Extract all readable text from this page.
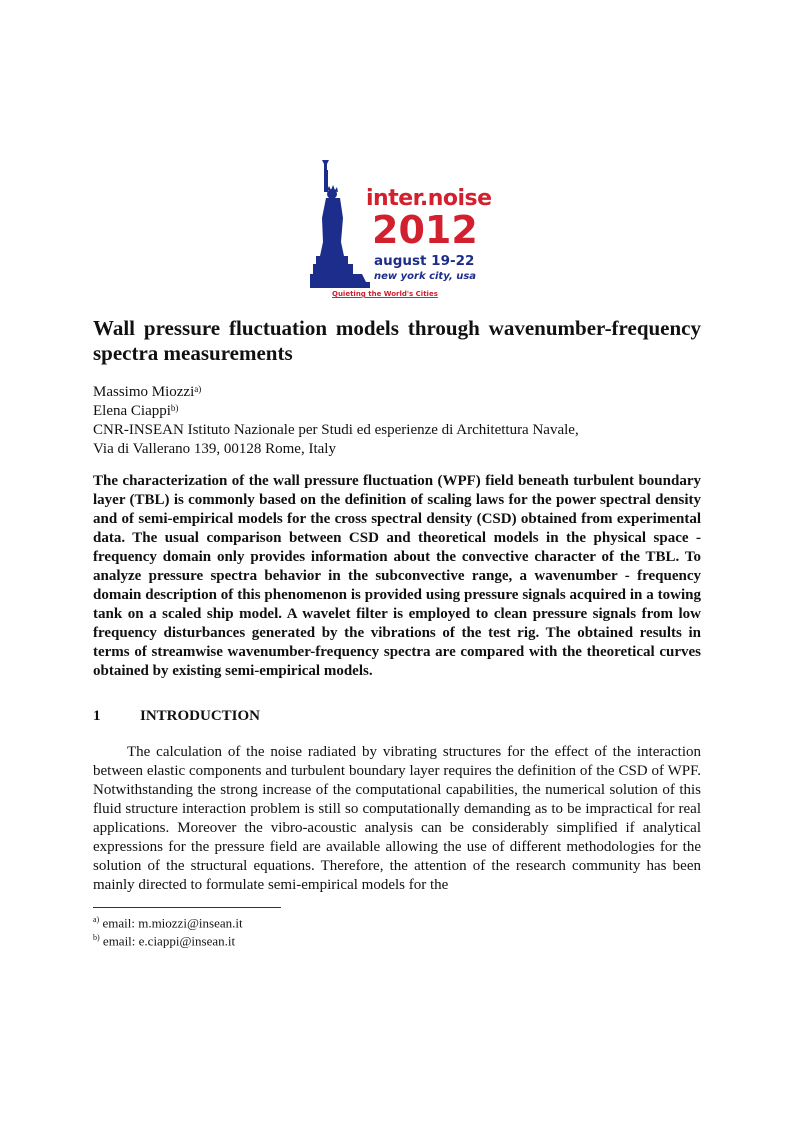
inter.noise
2012
august 19-22
new york city, usa
Quieting the World's Cities
Wall pressure fluctuation models through wavenumber-frequency spectra measurements
Massimo Miozzi$^{a)}$
Elena Ciappi$^{b)}$
CNR-INSEAN Istituto Nazionale per Studi ed esperienze di Architettura Navale,
Via di Vallerano 139, 00128 Rome, Italy

The characterization of the wall pressure fluctuation (WPF) field beneath turbulent boundary layer (TBL) is commonly based on the definition of scaling laws for the power spectral density and of semi-empirical models for the cross spectral density (CSD) obtained from experimental data. The usual comparison between CSD and theoretical models in the physical space - frequency domain only provides information about the convective character of the TBL. To analyze pressure spectra behavior in the subconvective range, a wavenumber - frequency domain description of this phenomenon is provided using pressure signals acquired in a towing tank on a scaled ship model. A wavelet filter is employed to clean pressure signals from low frequency disturbances generated by the vibrations of the test rig. The obtained results in terms of streamwise wavenumber-frequency spectra are compared with the theoretical curves obtained by existing semi-empirical models.

1	INTRODUCTION

The calculation of the noise radiated by vibrating structures for the effect of the interaction between elastic components and turbulent boundary layer requires the definition of the CSD of WPF. Notwithstanding the strong increase of the computational capabilities, the numerical solution of this fluid structure interaction problem is still so computationally demanding as to be impractical for real applications. Moreover the vibro-acoustic analysis can be considerably simplified if analytical expressions for the pressure field are available allowing the use of different methodologies for the solution of the structural equations. Therefore, the attention of the research community has been mainly directed to formulate semi-empirical models for the

$^{a)}$ email: m.miozzi@insean.it
$^{b)}$ email: e.ciappi@insean.it
